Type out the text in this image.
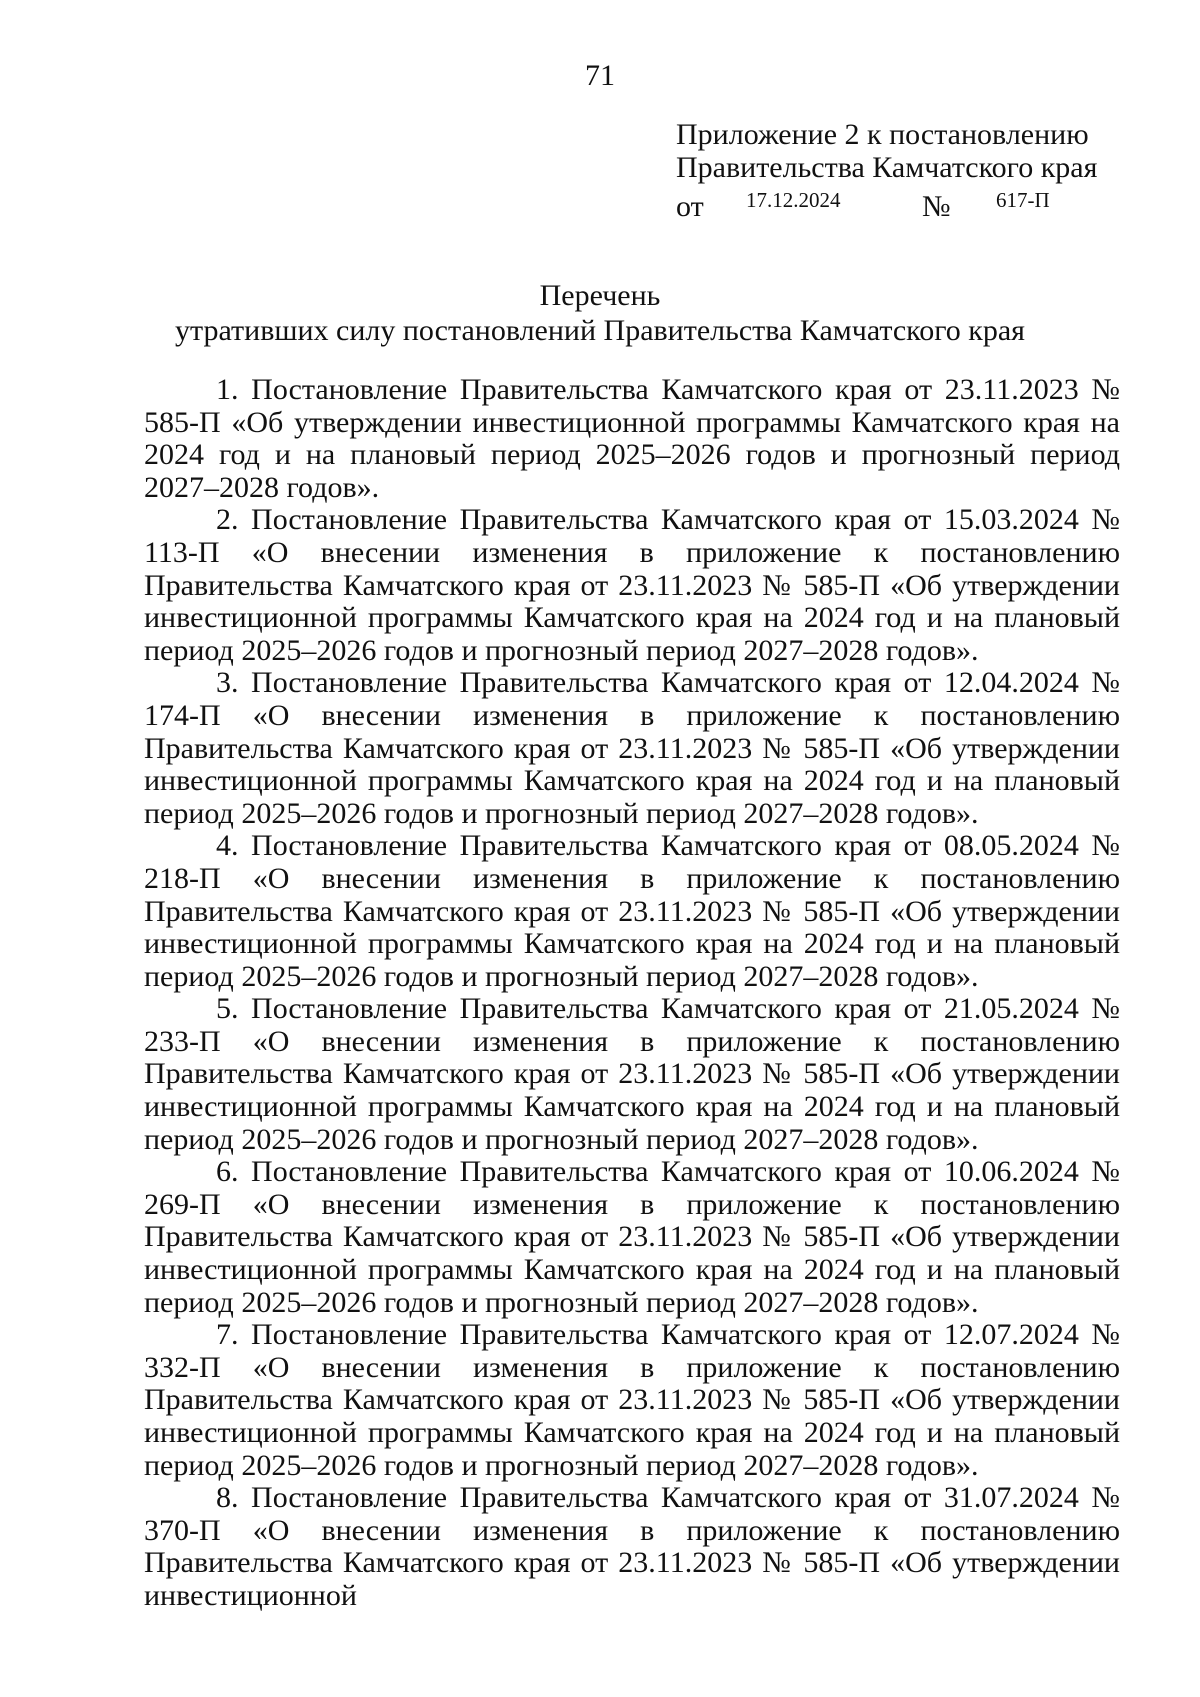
71
Приложение 2 к постановлению
Правительства Камчатского края
от 17.12.2024	№ 617-П
Перечень
утративших силу постановлений Правительства Камчатского края

1. Постановление Правительства Камчатского края от 23.11.2023 № 585-П «Об утверждении инвестиционной программы Камчатского края на 2024 год и на плановый период 2025–2026 годов и прогнозный период 2027–2028 годов».

2. Постановление Правительства Камчатского края от 15.03.2024 № 113-П «О внесении изменения в приложение к постановлению Правительства Камчатского края от 23.11.2023 № 585-П «Об утверждении инвестиционной программы Камчатского края на 2024 год и на плановый период 2025–2026 годов и прогнозный период 2027–2028 годов».

3. Постановление Правительства Камчатского края от 12.04.2024 № 174-П «О внесении изменения в приложение к постановлению Правительства Камчатского края от 23.11.2023 № 585-П «Об утверждении инвестиционной программы Камчатского края на 2024 год и на плановый период 2025–2026 годов и прогнозный период 2027–2028 годов».

4. Постановление Правительства Камчатского края от 08.05.2024 № 218-П «О внесении изменения в приложение к постановлению Правительства Камчатского края от 23.11.2023 № 585-П «Об утверждении инвестиционной программы Камчатского края на 2024 год и на плановый период 2025–2026 годов и прогнозный период 2027–2028 годов».

5. Постановление Правительства Камчатского края от 21.05.2024 № 233-П «О внесении изменения в приложение к постановлению Правительства Камчатского края от 23.11.2023 № 585-П «Об утверждении инвестиционной программы Камчатского края на 2024 год и на плановый период 2025–2026 годов и прогнозный период 2027–2028 годов».

6. Постановление Правительства Камчатского края от 10.06.2024 № 269-П «О внесении изменения в приложение к постановлению Правительства Камчатского края от 23.11.2023 № 585-П «Об утверждении инвестиционной программы Камчатского края на 2024 год и на плановый период 2025–2026 годов и прогнозный период 2027–2028 годов».

7. Постановление Правительства Камчатского края от 12.07.2024 № 332-П «О внесении изменения в приложение к постановлению Правительства Камчатского края от 23.11.2023 № 585-П «Об утверждении инвестиционной программы Камчатского края на 2024 год и на плановый период 2025–2026 годов и прогнозный период 2027–2028 годов».

8. Постановление Правительства Камчатского края от 31.07.2024 № 370-П «О внесении изменения в приложение к постановлению Правительства Камчатского края от 23.11.2023 № 585-П «Об утверждении инвестиционной
